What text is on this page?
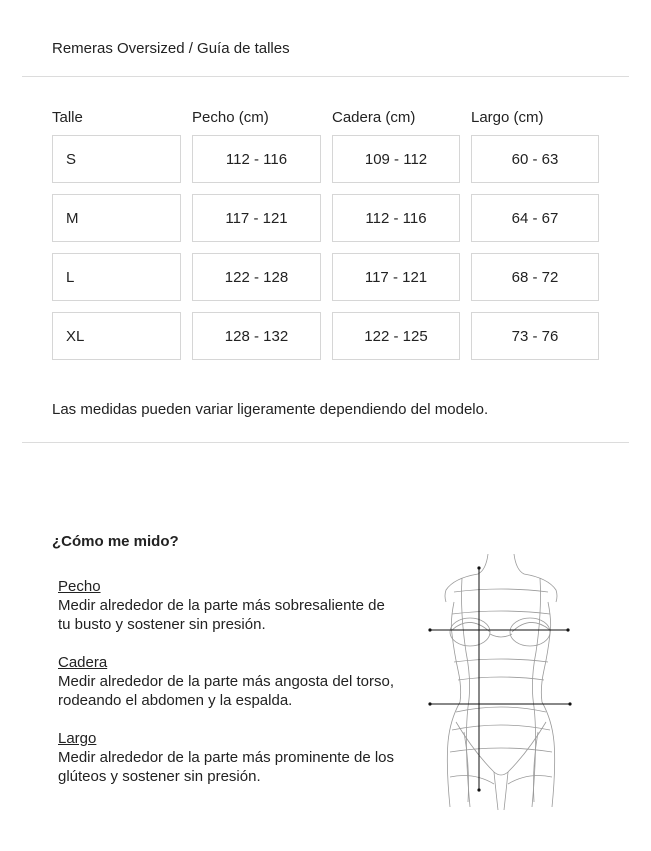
Remeras Oversized / Guía de talles
Talle	Pecho (cm)	Cadera (cm)	Largo (cm)
S	112 - 116	109 - 112	60 - 63
M	117 - 121	112 - 116	64 - 67
L	122 - 128	117 - 121	68 - 72
XL	128 - 132	122 - 125	73 - 76
Las medidas pueden variar ligeramente dependiendo del modelo.
¿Cómo me mido?
Pecho
Medir alrededor de la parte más sobresaliente de tu busto y sostener sin presión.
Cadera
Medir alrededor de la parte más angosta del torso, rodeando el abdomen y la espalda.
Largo
Medir alrededor de la parte más prominente de los glúteos y sostener sin presión.
